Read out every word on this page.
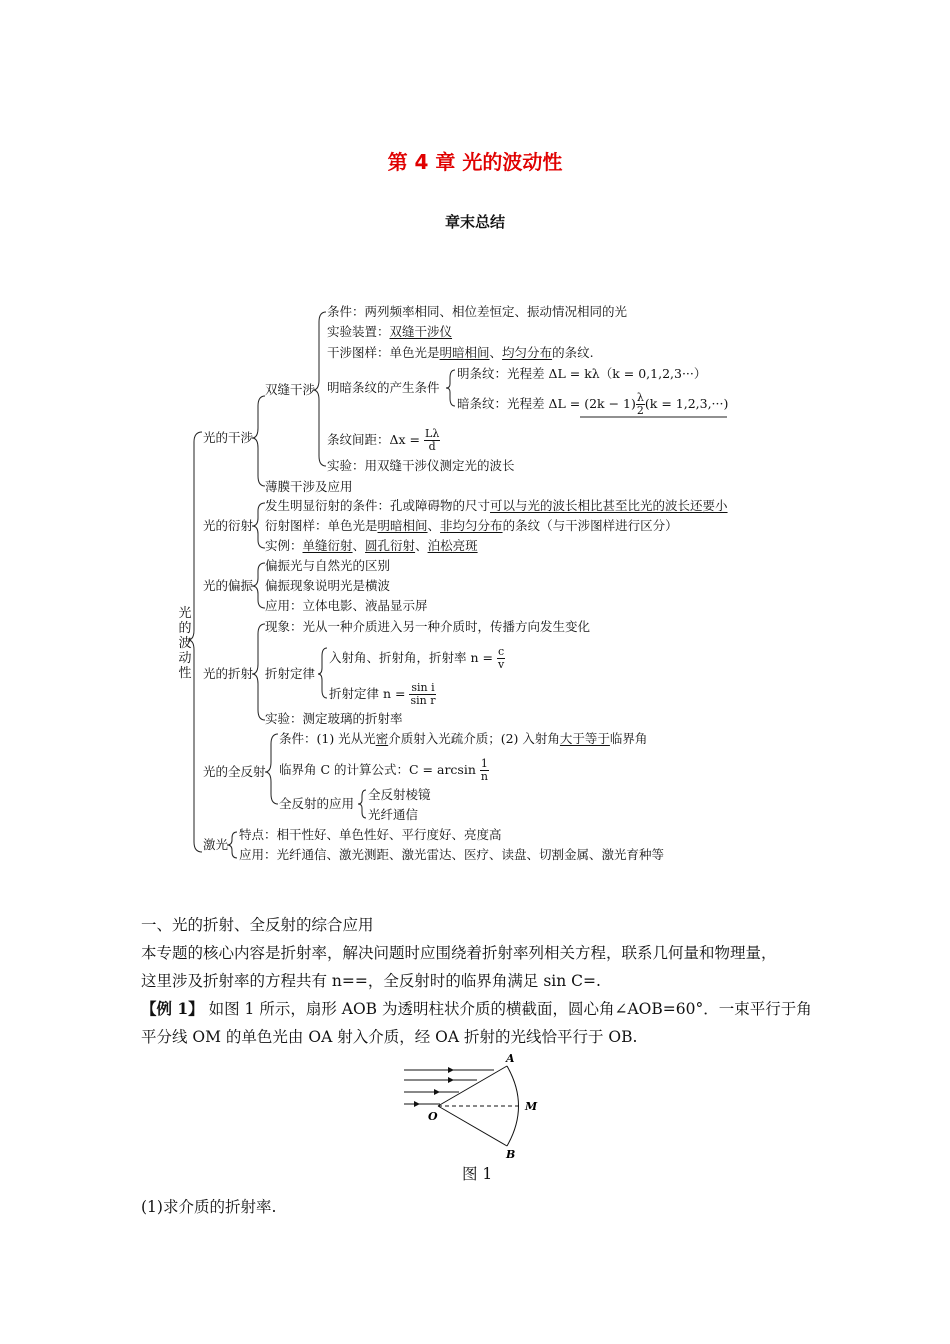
第 4 章 光的波动性
章末总结
光的波动性
光的干涉
双缝干涉
条件：两列频率相同、相位差恒定、振动情况相同的光
实验装置：双缝干涉仪
干涉图样：单色光是明暗相间、均匀分布的条纹.
明暗条纹的产生条件
明条纹：光程差 ΔL = kλ（k = 0,1,2,3···）
暗条纹：光程差 $\Delta L = (2k - 1) \frac{\lambda}{2} (k = 1,2,3,\cdot\cdot\cdot)$
条纹间距：$\Delta x = \frac{L\lambda}{d}$
实验：用双缝干涉仪测定光的波长
薄膜干涉及应用
光的衍射
发生明显衍射的条件：孔或障碍物的尺寸可以与光的波长相比甚至比光的波长还要小
衍射图样：单色光是明暗相间、非均匀分布的条纹（与干涉图样进行区分）
实例：单缝衍射、圆孔衍射、泊松亮斑
光的偏振
偏振光与自然光的区别
偏振现象说明光是横波
应用：立体电影、液晶显示屏
光的折射
现象：光从一种介质进入另一种介质时，传播方向发生变化
折射定律
入射角、折射角，折射率 $n = \frac{c}{v}$
折射定律 $n = \frac{\text{sin i}}{\text{sin r}}$
实验：测定玻璃的折射率
光的全反射
条件：(1) 光从光密介质射入光疏介质；(2) 入射角大于等于临界角
临界角 C 的计算公式：$C = \arcsin \frac{1}{n}$
全反射的应用
全反射棱镜
光纤通信
激光
特点：相干性好、单色性好、平行度好、亮度高
应用：光纤通信、激光测距、激光雷达、医疗、读盘、切割金属、激光育种等
一、光的折射、全反射的综合应用
本专题的核心内容是折射率，解决问题时应围绕着折射率列相关方程，联系几何量和物理量，
这里涉及折射率的方程共有 n==，全反射时的临界角满足 sin C=.
【例 1】 如图 1 所示，扇形 AOB 为透明柱状介质的横截面，圆心角∠AOB=60°．一束平行于角
平分线 OM 的单色光由 OA 射入介质，经 OA 折射的光线恰平行于 OB.
A
O
M
B
图 1
(1)求介质的折射率.
